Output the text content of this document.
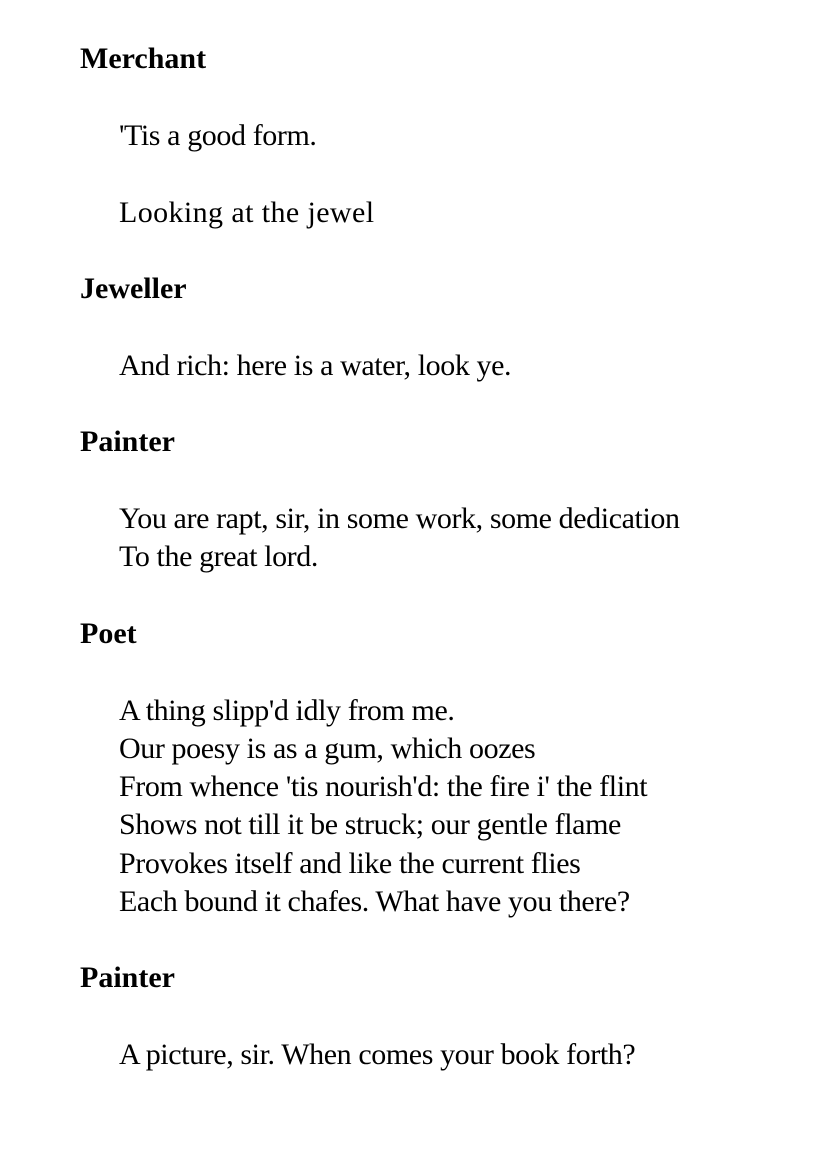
Merchant

'Tis a good form.

Looking at the jewel

Jeweller

And rich: here is a water, look ye.

Painter

You are rapt, sir, in some work, some dedication

To the great lord.

Poet

A thing slipp'd idly from me.

Our poesy is as a gum, which oozes

From whence 'tis nourish'd: the fire i' the flint

Shows not till it be struck; our gentle flame

Provokes itself and like the current flies

Each bound it chafes. What have you there?

Painter

A picture, sir. When comes your book forth?
